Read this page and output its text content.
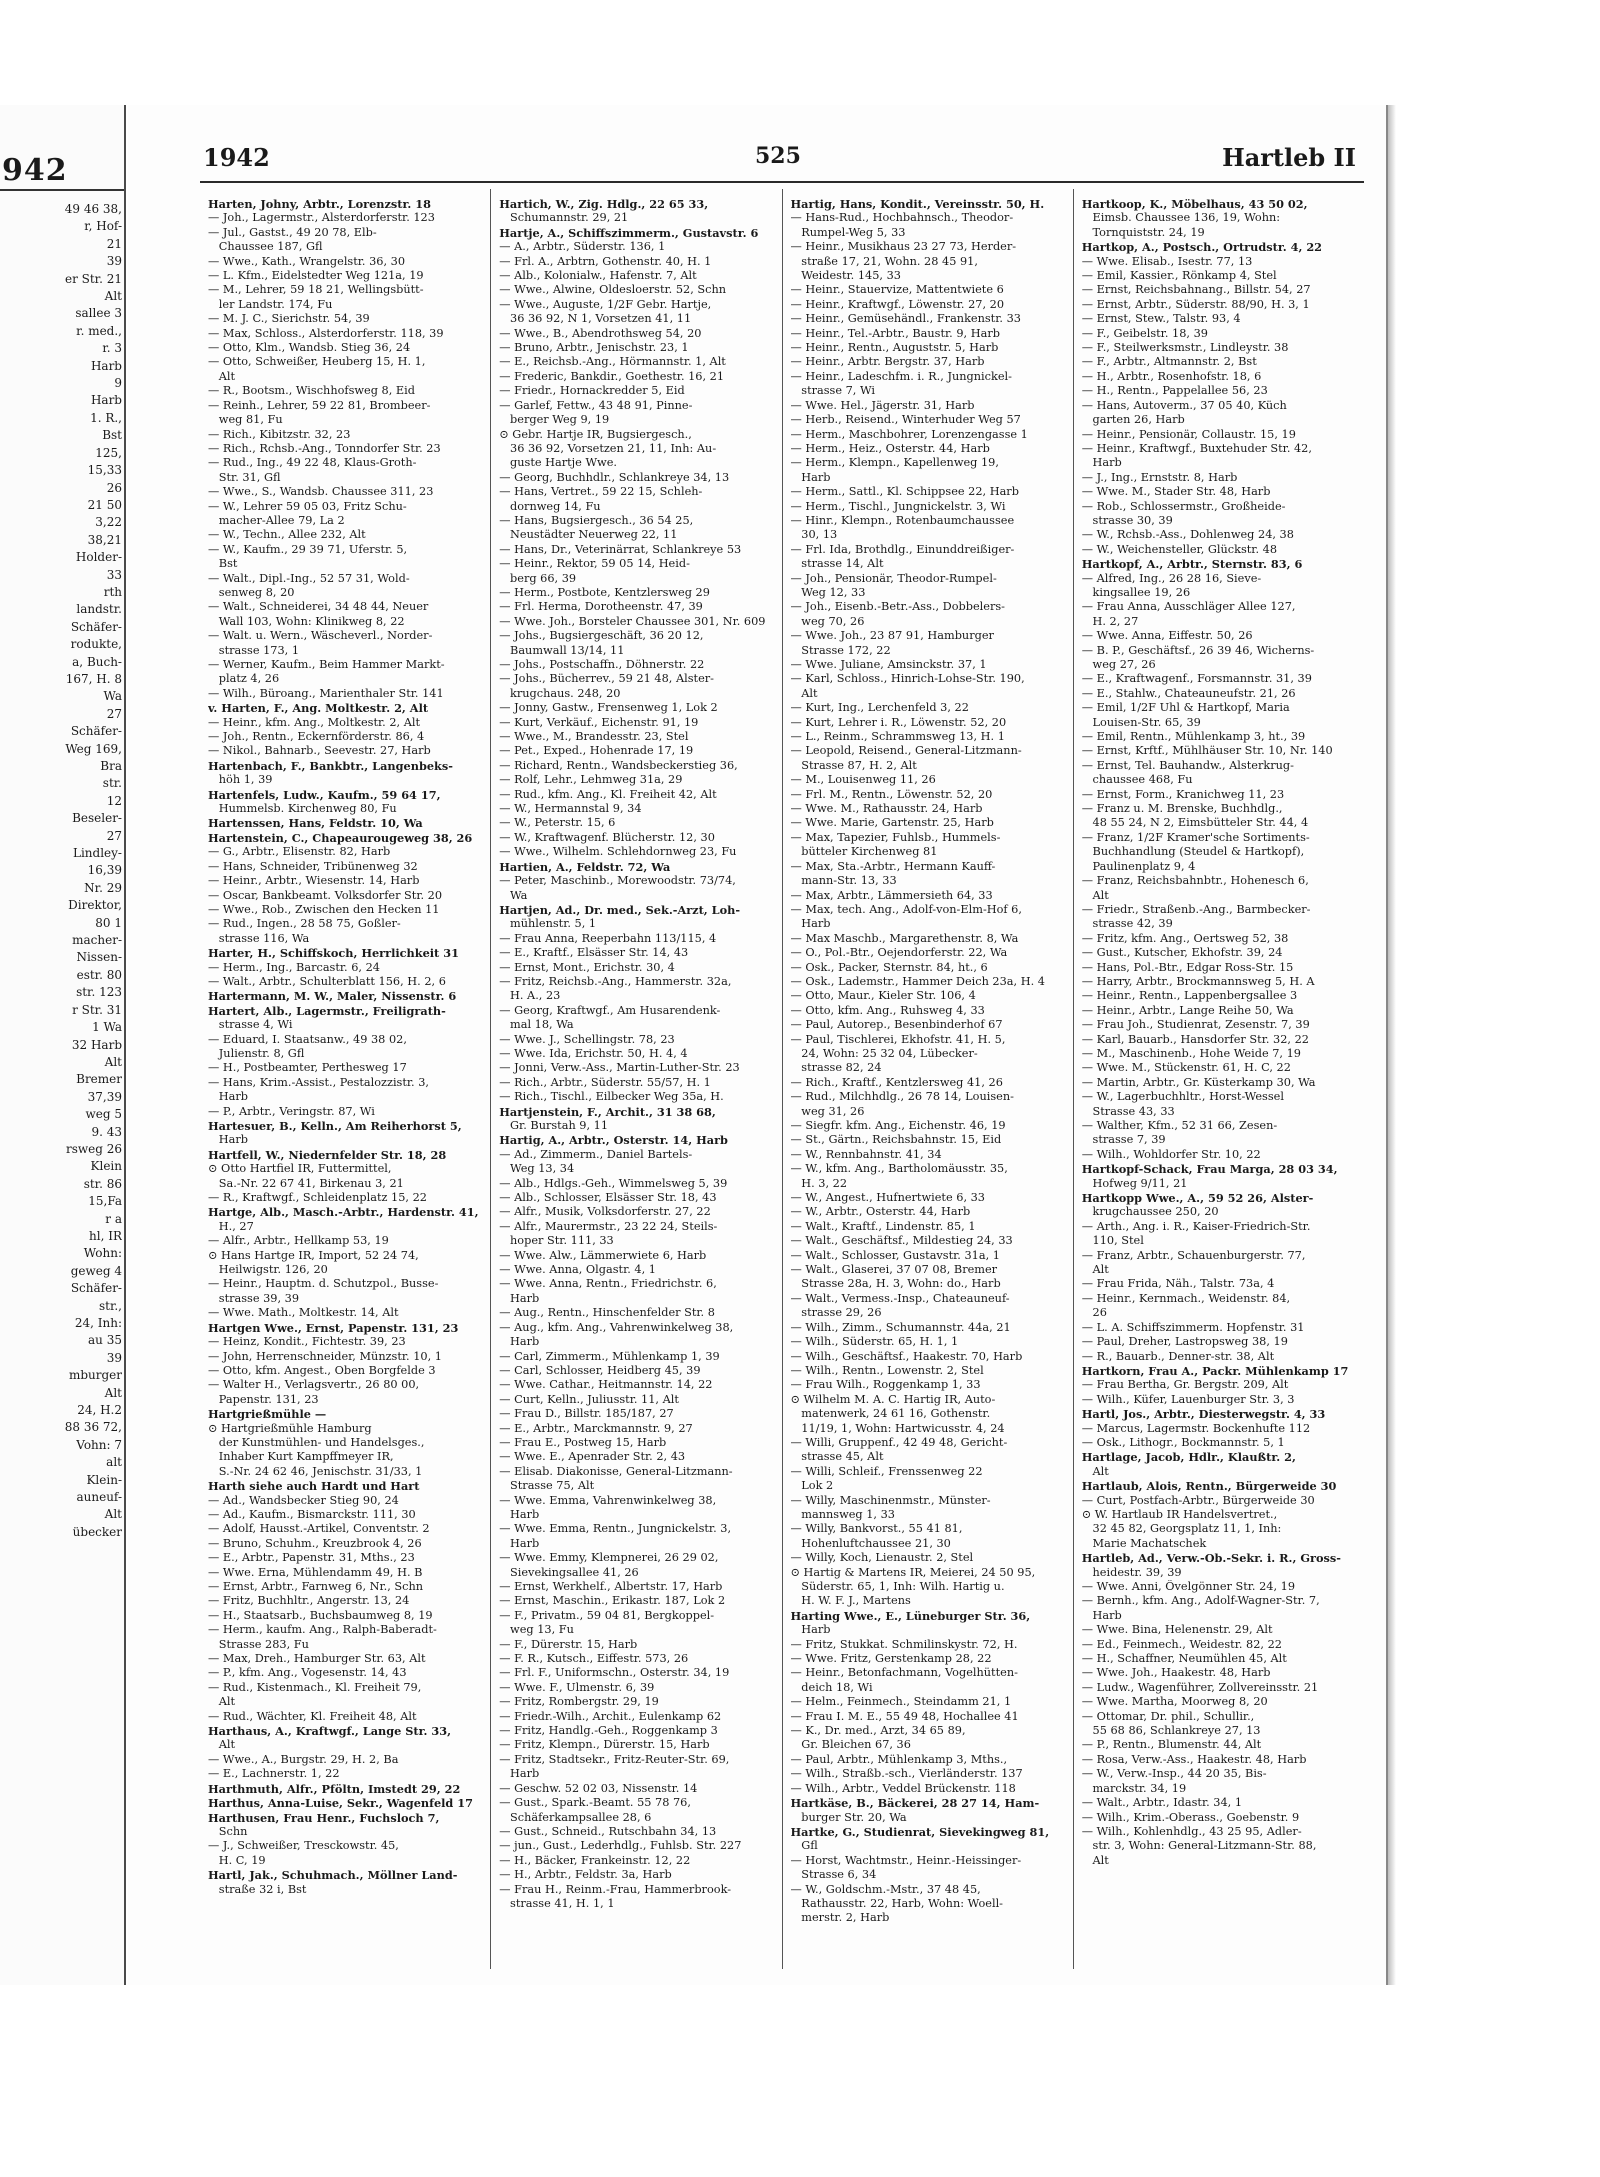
942
49 46 38,
r, Hof-
21
39
er Str. 21
Alt
sallee 3
r. med.,
r. 3
Harb
9
Harb
1. R.,
Bst
125,
15,33
26
21 50
3,22
38,21
Holder-
33
rth
landstr.
Schäfer-
rodukte,
a, Buch-
167, H. 8
Wa
27
Schäfer-
Weg 169,
Bra
str.
12
Beseler-
27
Lindley-
16,39
Nr. 29
Direktor,
80 1
macher-
Nissen-
estr. 80
str. 123
r Str. 31
1 Wa
32 Harb
Alt
Bremer
37,39
weg 5
9. 43
rsweg 26
Klein
str. 86
15,Fa
r a
hl, IR
Wohn:
geweg 4
Schäfer-
str.,
24, Inh:
au 35
39
mburger
Alt
24, H.2
88 36 72,
Vohn: 7
alt
Klein-
auneuf-
Alt
übecker
1942	525	Hartleb II
Harten, Johny, Arbtr., Lorenzstr. 18
— Joh., Lagermstr., Alsterdorferstr. 123
— Jul., Gastst., 49 20 78, Elb-
Chaussee 187, Gfl
— Wwe., Kath., Wrangelstr. 36, 30
— L. Kfm., Eidelstedter Weg 121a, 19
— M., Lehrer, 59 18 21, Wellingsbütt-
ler Landstr. 174, Fu
— M. J. C., Sierichstr. 54, 39
— Max, Schloss., Alsterdorferstr. 118, 39
— Otto, Klm., Wandsb. Stieg 36, 24
— Otto, Schweißer, Heuberg 15, H. 1,
Alt
— R., Bootsm., Wischhofsweg 8, Eid
— Reinh., Lehrer, 59 22 81, Brombeer-
weg 81, Fu
— Rich., Kibitzstr. 32, 23
— Rich., Rchsb.-Ang., Tonndorfer Str. 23
— Rud., Ing., 49 22 48, Klaus-Groth-
Str. 31, Gfl
— Wwe., S., Wandsb. Chaussee 311, 23
— W., Lehrer 59 05 03, Fritz Schu-
macher-Allee 79, La 2
— W., Techn., Allee 232, Alt
— W., Kaufm., 29 39 71, Uferstr. 5,
Bst
— Walt., Dipl.-Ing., 52 57 31, Wold-
senweg 8, 20
— Walt., Schneiderei, 34 48 44, Neuer
Wall 103, Wohn: Klinikweg 8, 22
— Walt. u. Wern., Wäscheverl., Norder-
strasse 173, 1
— Werner, Kaufm., Beim Hammer Markt-
platz 4, 26
— Wilh., Büroang., Marienthaler Str. 141
v. Harten, F., Ang. Moltkestr. 2, Alt
— Heinr., kfm. Ang., Moltkestr. 2, Alt
— Joh., Rentn., Eckernförderstr. 86, 4
— Nikol., Bahnarb., Seevestr. 27, Harb
Hartenbach, F., Bankbtr., Langenbeks-
höh 1, 39
Hartenfels, Ludw., Kaufm., 59 64 17,
Hummelsb. Kirchenweg 80, Fu
Hartenssen, Hans, Feldstr. 10, Wa
Hartenstein, C., Chapeaurougeweg 38, 26
— G., Arbtr., Elisenstr. 82, Harb
— Hans, Schneider, Tribünenweg 32
— Heinr., Arbtr., Wiesenstr. 14, Harb
— Oscar, Bankbeamt. Volksdorfer Str. 20
— Wwe., Rob., Zwischen den Hecken 11
— Rud., Ingen., 28 58 75, Goßler-
strasse 116, Wa
Harter, H., Schiffskoch, Herrlichkeit 31
— Herm., Ing., Barcastr. 6, 24
— Walt., Arbtr., Schulterblatt 156, H. 2, 6
Hartermann, M. W., Maler, Nissenstr. 6
Hartert, Alb., Lagermstr., Freiligrath-
strasse 4, Wi
— Eduard, I. Staatsanw., 49 38 02,
Julienstr. 8, Gfl
— H., Postbeamter, Perthesweg 17
— Hans, Krim.-Assist., Pestalozzistr. 3,
Harb
— P., Arbtr., Veringstr. 87, Wi
Hartesuer, B., Kelln., Am Reiherhorst 5,
Harb
Hartfell, W., Niedernfelder Str. 18, 28
⊙ Otto Hartfiel IR, Futtermittel,
Sa.-Nr. 22 67 41, Birkenau 3, 21
— R., Kraftwgf., Schleidenplatz 15, 22
Hartge, Alb., Masch.-Arbtr., Hardenstr. 41,
H., 27
— Alfr., Arbtr., Hellkamp 53, 19
⊙ Hans Hartge IR, Import, 52 24 74,
Heilwigstr. 126, 20
— Heinr., Hauptm. d. Schutzpol., Busse-
strasse 39, 39
— Wwe. Math., Moltkestr. 14, Alt
Hartgen Wwe., Ernst, Papenstr. 131, 23
— Heinz, Kondit., Fichtestr. 39, 23
— John, Herrenschneider, Münzstr. 10, 1
— Otto, kfm. Angest., Oben Borgfelde 3
— Walter H., Verlagsvertr., 26 80 00,
Papenstr. 131, 23
Hartgrießmühle —
⊙ Hartgrießmühle Hamburg
der Kunstmühlen- und Handelsges.,
Inhaber Kurt Kampffmeyer IR,
S.-Nr. 24 62 46, Jenischstr. 31/33, 1
Harth siehe auch Hardt und Hart
— Ad., Wandsbecker Stieg 90, 24
— Ad., Kaufm., Bismarckstr. 111, 30
— Adolf, Hausst.-Artikel, Conventstr. 2
— Bruno, Schuhm., Kreuzbrook 4, 26
— E., Arbtr., Papenstr. 31, Mths., 23
— Wwe. Erna, Mühlendamm 49, H. B
— Ernst, Arbtr., Farnweg 6, Nr., Schn
— Fritz, Buchhltr., Angerstr. 13, 24
— H., Staatsarb., Buchsbaumweg 8, 19
— Herm., kaufm. Ang., Ralph-Baberadt-
Strasse 283, Fu
— Max, Dreh., Hamburger Str. 63, Alt
— P., kfm. Ang., Vogesenstr. 14, 43
— Rud., Kistenmach., Kl. Freiheit 79,
Alt
— Rud., Wächter, Kl. Freiheit 48, Alt
Harthaus, A., Kraftwgf., Lange Str. 33,
Alt
— Wwe., A., Burgstr. 29, H. 2, Ba
— E., Lachnerstr. 1, 22
Harthmuth, Alfr., Pföltn, Imstedt 29, 22
Harthus, Anna-Luise, Sekr., Wagenfeld 17
Harthusen, Frau Henr., Fuchsloch 7,
Schn
— J., Schweißer, Tresckowstr. 45,
H. C, 19
Hartl, Jak., Schuhmach., Möllner Land-
straße 32 i, Bst
Hartich, W., Zig. Hdlg., 22 65 33,
Schumannstr. 29, 21
Hartje, A., Schiffszimmerm., Gustavstr. 6
— A., Arbtr., Süderstr. 136, 1
— Frl. A., Arbtrn, Gothenstr. 40, H. 1
— Alb., Kolonialw., Hafenstr. 7, Alt
— Wwe., Alwine, Oldesloerstr. 52, Schn
— Wwe., Auguste, 1/2F Gebr. Hartje,
36 36 92, N 1, Vorsetzen 41, 11
— Wwe., B., Abendrothsweg 54, 20
— Bruno, Arbtr., Jenischstr. 23, 1
— E., Reichsb.-Ang., Hörmannstr. 1, Alt
— Frederic, Bankdir., Goethestr. 16, 21
— Friedr., Hornackredder 5, Eid
— Garlef, Fettw., 43 48 91, Pinne-
berger Weg 9, 19
⊙ Gebr. Hartje IR, Bugsiergesch.,
36 36 92, Vorsetzen 21, 11, Inh: Au-
guste Hartje Wwe.
— Georg, Buchhdlr., Schlankreye 34, 13
— Hans, Vertret., 59 22 15, Schleh-
dornweg 14, Fu
— Hans, Bugsiergesch., 36 54 25,
Neustädter Neuerweg 22, 11
— Hans, Dr., Veterinärrat, Schlankreye 53
— Heinr., Rektor, 59 05 14, Heid-
berg 66, 39
— Herm., Postbote, Kentzlersweg 29
— Frl. Herma, Dorotheenstr. 47, 39
— Wwe. Joh., Borsteler Chaussee 301, Nr. 609
— Johs., Bugsiergeschäft, 36 20 12,
Baumwall 13/14, 11
— Johs., Postschaffn., Döhnerstr. 22
— Johs., Bücherrev., 59 21 48, Alster-
krugchaus. 248, 20
— Jonny, Gastw., Frensenweg 1, Lok 2
— Kurt, Verkäuf., Eichenstr. 91, 19
— Wwe., M., Brandesstr. 23, Stel
— Pet., Exped., Hohenrade 17, 19
— Richard, Rentn., Wandsbeckerstieg 36,
— Rolf, Lehr., Lehmweg 31a, 29
— Rud., kfm. Ang., Kl. Freiheit 42, Alt
— W., Hermannstal 9, 34
— W., Peterstr. 15, 6
— W., Kraftwagenf. Blücherstr. 12, 30
— Wwe., Wilhelm. Schlehdornweg 23, Fu
Hartien, A., Feldstr. 72, Wa
— Peter, Maschinb., Morewoodstr. 73/74,
Wa
Hartjen, Ad., Dr. med., Sek.-Arzt, Loh-
mühlenstr. 5, 1
— Frau Anna, Reeperbahn 113/115, 4
— E., Kraftf., Elsässer Str. 14, 43
— Ernst, Mont., Erichstr. 30, 4
— Fritz, Reichsb.-Ang., Hammerstr. 32a,
H. A., 23
— Georg, Kraftwgf., Am Husarendenk-
mal 18, Wa
— Wwe. J., Schellingstr. 78, 23
— Wwe. Ida, Erichstr. 50, H. 4, 4
— Jonni, Verw.-Ass., Martin-Luther-Str. 23
— Rich., Arbtr., Süderstr. 55/57, H. 1
— Rich., Tischl., Eilbecker Weg 35a, H.
Hartjenstein, F., Archit., 31 38 68,
Gr. Burstah 9, 11
Hartig, A., Arbtr., Osterstr. 14, Harb
— Ad., Zimmerm., Daniel Bartels-
Weg 13, 34
— Alb., Hdlgs.-Geh., Wimmelsweg 5, 39
— Alb., Schlosser, Elsässer Str. 18, 43
— Alfr., Musik, Volksdorferstr. 27, 22
— Alfr., Maurermstr., 23 22 24, Steils-
hoper Str. 111, 33
— Wwe. Alw., Lämmerwiete 6, Harb
— Wwe. Anna, Olgastr. 4, 1
— Wwe. Anna, Rentn., Friedrichstr. 6,
Harb
— Aug., Rentn., Hinschenfelder Str. 8
— Aug., kfm. Ang., Vahrenwinkelweg 38,
Harb
— Carl, Zimmerm., Mühlenkamp 1, 39
— Carl, Schlosser, Heidberg 45, 39
— Wwe. Cathar., Heitmannstr. 14, 22
— Curt, Kelln., Juliusstr. 11, Alt
— Frau D., Billstr. 185/187, 27
— E., Arbtr., Marckmannstr. 9, 27
— Frau E., Postweg 15, Harb
— Wwe. E., Apenrader Str. 2, 43
— Elisab. Diakonisse, General-Litzmann-
Strasse 75, Alt
— Wwe. Emma, Vahrenwinkelweg 38,
Harb
— Wwe. Emma, Rentn., Jungnickelstr. 3,
Harb
— Wwe. Emmy, Klempnerei, 26 29 02,
Sievekingsallee 41, 26
— Ernst, Werkhelf., Albertstr. 17, Harb
— Ernst, Maschin., Erikastr. 187, Lok 2
— F., Privatm., 59 04 81, Bergkoppel-
weg 13, Fu
— F., Dürerstr. 15, Harb
— F. R., Kutsch., Eiffestr. 573, 26
— Frl. F., Uniformschn., Osterstr. 34, 19
— Wwe. F., Ulmenstr. 6, 39
— Fritz, Rombergstr. 29, 19
— Friedr.-Wilh., Archit., Eulenkamp 62
— Fritz, Handlg.-Geh., Roggenkamp 3
— Fritz, Klempn., Dürerstr. 15, Harb
— Fritz, Stadtsekr., Fritz-Reuter-Str. 69,
Harb
— Geschw. 52 02 03, Nissenstr. 14
— Gust., Spark.-Beamt. 55 78 76,
Schäferkampsallee 28, 6
— Gust., Schneid., Rutschbahn 34, 13
— jun., Gust., Lederhdlg., Fuhlsb. Str. 227
— H., Bäcker, Frankeinstr. 12, 22
— H., Arbtr., Feldstr. 3a, Harb
— Frau H., Reinm.-Frau, Hammerbrook-
strasse 41, H. 1, 1
Hartig, Hans, Kondit., Vereinsstr. 50, H.
— Hans-Rud., Hochbahnsch., Theodor-
Rumpel-Weg 5, 33
— Heinr., Musikhaus 23 27 73, Herder-
straße 17, 21, Wohn. 28 45 91,
Weidestr. 145, 33
— Heinr., Stauervize, Mattentwiete 6
— Heinr., Kraftwgf., Löwenstr. 27, 20
— Heinr., Gemüsehändl., Frankenstr. 33
— Heinr., Tel.-Arbtr., Baustr. 9, Harb
— Heinr., Rentn., Auguststr. 5, Harb
— Heinr., Arbtr. Bergstr. 37, Harb
— Heinr., Ladeschfm. i. R., Jungnickel-
strasse 7, Wi
— Wwe. Hel., Jägerstr. 31, Harb
— Herb., Reisend., Winterhuder Weg 57
— Herm., Maschbohrer, Lorenzengasse 1
— Herm., Heiz., Osterstr. 44, Harb
— Herm., Klempn., Kapellenweg 19,
Harb
— Herm., Sattl., Kl. Schippsee 22, Harb
— Herm., Tischl., Jungnickelstr. 3, Wi
— Hinr., Klempn., Rotenbaumchaussee
30, 13
— Frl. Ida, Brothdlg., Einunddreißiger-
strasse 14, Alt
— Joh., Pensionär, Theodor-Rumpel-
Weg 12, 33
— Joh., Eisenb.-Betr.-Ass., Dobbelers-
weg 70, 26
— Wwe. Joh., 23 87 91, Hamburger
Strasse 172, 22
— Wwe. Juliane, Amsinckstr. 37, 1
— Karl, Schloss., Hinrich-Lohse-Str. 190,
Alt
— Kurt, Ing., Lerchenfeld 3, 22
— Kurt, Lehrer i. R., Löwenstr. 52, 20
— L., Reinm., Schrammsweg 13, H. 1
— Leopold, Reisend., General-Litzmann-
Strasse 87, H. 2, Alt
— M., Louisenweg 11, 26
— Frl. M., Rentn., Löwenstr. 52, 20
— Wwe. M., Rathausstr. 24, Harb
— Wwe. Marie, Gartenstr. 25, Harb
— Max, Tapezier, Fuhlsb., Hummels-
bütteler Kirchenweg 81
— Max, Sta.-Arbtr., Hermann Kauff-
mann-Str. 13, 33
— Max, Arbtr., Lämmersieth 64, 33
— Max, tech. Ang., Adolf-von-Elm-Hof 6,
Harb
— Max Maschb., Margarethenstr. 8, Wa
— O., Pol.-Btr., Oejendorferstr. 22, Wa
— Osk., Packer, Sternstr. 84, ht., 6
— Osk., Lademstr., Hammer Deich 23a, H. 4
— Otto, Maur., Kieler Str. 106, 4
— Otto, kfm. Ang., Ruhsweg 4, 33
— Paul, Autorep., Besenbinderhof 67
— Paul, Tischlerei, Ekhofstr. 41, H. 5,
24, Wohn: 25 32 04, Lübecker-
strasse 82, 24
— Rich., Kraftf., Kentzlersweg 41, 26
— Rud., Milchhdlg., 26 78 14, Louisen-
weg 31, 26
— Siegfr. kfm. Ang., Eichenstr. 46, 19
— St., Gärtn., Reichsbahnstr. 15, Eid
— W., Rennbahnstr. 41, 34
— W., kfm. Ang., Bartholomäusstr. 35,
H. 3, 22
— W., Angest., Hufnertwiete 6, 33
— W., Arbtr., Osterstr. 44, Harb
— Walt., Kraftf., Lindenstr. 85, 1
— Walt., Geschäftsf., Mildestieg 24, 33
— Walt., Schlosser, Gustavstr. 31a, 1
— Walt., Glaserei, 37 07 08, Bremer
Strasse 28a, H. 3, Wohn: do., Harb
— Walt., Vermess.-Insp., Chateauneuf-
strasse 29, 26
— Wilh., Zimm., Schumannstr. 44a, 21
— Wilh., Süderstr. 65, H. 1, 1
— Wilh., Geschäftsf., Haakestr. 70, Harb
— Wilh., Rentn., Lowenstr. 2, Stel
— Frau Wilh., Roggenkamp 1, 33
⊙ Wilhelm M. A. C. Hartig IR, Auto-
matenwerk, 24 61 16, Gothenstr.
11/19, 1, Wohn: Hartwicusstr. 4, 24
— Willi, Gruppenf., 42 49 48, Gericht-
strasse 45, Alt
— Willi, Schleif., Frenssenweg 22
Lok 2
— Willy, Maschinenmstr., Münster-
mannsweg 1, 33
— Willy, Bankvorst., 55 41 81,
Hohenluftchaussee 21, 30
— Willy, Koch, Lienaustr. 2, Stel
⊙ Hartig & Martens IR, Meierei, 24 50 95,
Süderstr. 65, 1, Inh: Wilh. Hartig u.
H. W. F. J., Martens
Harting Wwe., E., Lüneburger Str. 36,
Harb
— Fritz, Stukkat. Schmilinskystr. 72, H.
— Wwe. Fritz, Gerstenkamp 28, 22
— Heinr., Betonfachmann, Vogelhütten-
deich 18, Wi
— Helm., Feinmech., Steindamm 21, 1
— Frau I. M. E., 55 49 48, Hochallee 41
— K., Dr. med., Arzt, 34 65 89,
Gr. Bleichen 67, 36
— Paul, Arbtr., Mühlenkamp 3, Mths.,
— Wilh., Straßb.-sch., Vierländerstr. 137
— Wilh., Arbtr., Veddel Brückenstr. 118
Hartkäse, B., Bäckerei, 28 27 14, Ham-
burger Str. 20, Wa
Hartke, G., Studienrat, Sievekingweg 81,
Gfl
— Horst, Wachtmstr., Heinr.-Heissinger-
Strasse 6, 34
— W., Goldschm.-Mstr., 37 48 45,
Rathausstr. 22, Harb, Wohn: Woell-
merstr. 2, Harb
Hartkoop, K., Möbelhaus, 43 50 02,
Eimsb. Chaussee 136, 19, Wohn:
Tornquiststr. 24, 19
Hartkop, A., Postsch., Ortrudstr. 4, 22
— Wwe. Elisab., Isestr. 77, 13
— Emil, Kassier., Rönkamp 4, Stel
— Ernst, Reichsbahnang., Billstr. 54, 27
— Ernst, Arbtr., Süderstr. 88/90, H. 3, 1
— Ernst, Stew., Talstr. 93, 4
— F., Geibelstr. 18, 39
— F., Steilwerksmstr., Lindleystr. 38
— F., Arbtr., Altmannstr. 2, Bst
— H., Arbtr., Rosenhofstr. 18, 6
— H., Rentn., Pappelallee 56, 23
— Hans, Autoverm., 37 05 40, Küch
garten 26, Harb
— Heinr., Pensionär, Collaustr. 15, 19
— Heinr., Kraftwgf., Buxtehuder Str. 42,
Harb
— J., Ing., Ernststr. 8, Harb
— Wwe. M., Stader Str. 48, Harb
— Rob., Schlossermstr., Großheide-
strasse 30, 39
— W., Rchsb.-Ass., Dohlenweg 24, 38
— W., Weichensteller, Glückstr. 48
Hartkopf, A., Arbtr., Sternstr. 83, 6
— Alfred, Ing., 26 28 16, Sieve-
kingsallee 19, 26
— Frau Anna, Ausschläger Allee 127,
H. 2, 27
— Wwe. Anna, Eiffestr. 50, 26
— B. P., Geschäftsf., 26 39 46, Wicherns-
weg 27, 26
— E., Kraftwagenf., Forsmannstr. 31, 39
— E., Stahlw., Chateauneufstr. 21, 26
— Emil, 1/2F Uhl & Hartkopf, Maria
Louisen-Str. 65, 39
— Emil, Rentn., Mühlenkamp 3, ht., 39
— Ernst, Krftf., Mühlhäuser Str. 10, Nr. 140
— Ernst, Tel. Bauhandw., Alsterkrug-
chaussee 468, Fu
— Ernst, Form., Kranichweg 11, 23
— Franz u. M. Brenske, Buchhdlg.,
48 55 24, N 2, Eimsbütteler Str. 44, 4
— Franz, 1/2F Kramer'sche Sortiments-
Buchhandlung (Steudel & Hartkopf),
Paulinenplatz 9, 4
— Franz, Reichsbahnbtr., Hohenesch 6,
Alt
— Friedr., Straßenb.-Ang., Barmbecker-
strasse 42, 39
— Fritz, kfm. Ang., Oertsweg 52, 38
— Gust., Kutscher, Ekhofstr. 39, 24
— Hans, Pol.-Btr., Edgar Ross-Str. 15
— Harry, Arbtr., Brockmannsweg 5, H. A
— Heinr., Rentn., Lappenbergsallee 3
— Heinr., Arbtr., Lange Reihe 50, Wa
— Frau Joh., Studienrat, Zesenstr. 7, 39
— Karl, Bauarb., Hansdorfer Str. 32, 22
— M., Maschinenb., Hohe Weide 7, 19
— Wwe. M., Stückenstr. 61, H. C, 22
— Martin, Arbtr., Gr. Küsterkamp 30, Wa
— W., Lagerbuchhltr., Horst-Wessel
Strasse 43, 33
— Walther, Kfm., 52 31 66, Zesen-
strasse 7, 39
— Wilh., Wohldorfer Str. 10, 22
Hartkopf-Schack, Frau Marga, 28 03 34,
Hofweg 9/11, 21
Hartkopp Wwe., A., 59 52 26, Alster-
krugchaussee 250, 20
— Arth., Ang. i. R., Kaiser-Friedrich-Str.
110, Stel
— Franz, Arbtr., Schauenburgerstr. 77,
Alt
— Frau Frida, Näh., Talstr. 73a, 4
— Heinr., Kernmach., Weidenstr. 84,
26
— L. A. Schiffszimmerm. Hopfenstr. 31
— Paul, Dreher, Lastropsweg 38, 19
— R., Bauarb., Denner-str. 38, Alt
Hartkorn, Frau A., Packr. Mühlenkamp 17
— Frau Bertha, Gr. Bergstr. 209, Alt
— Wilh., Küfer, Lauenburger Str. 3, 3
Hartl, Jos., Arbtr., Diesterwegstr. 4, 33
— Marcus, Lagermstr. Bockenhufte 112
— Osk., Lithogr., Bockmannstr. 5, 1
Hartlage, Jacob, Hdlr., Klaußtr. 2,
Alt
Hartlaub, Alois, Rentn., Bürgerweide 30
— Curt, Postfach-Arbtr., Bürgerweide 30
⊙ W. Hartlaub IR Handelsvertret.,
32 45 82, Georgsplatz 11, 1, Inh:
Marie Machatschek
Hartleb, Ad., Verw.-Ob.-Sekr. i. R., Gross-
heidestr. 39, 39
— Wwe. Anni, Övelgönner Str. 24, 19
— Bernh., kfm. Ang., Adolf-Wagner-Str. 7,
Harb
— Wwe. Bina, Helenenstr. 29, Alt
— Ed., Feinmech., Weidestr. 82, 22
— H., Schaffner, Neumühlen 45, Alt
— Wwe. Joh., Haakestr. 48, Harb
— Ludw., Wagenführer, Zollvereinsstr. 21
— Wwe. Martha, Moorweg 8, 20
— Ottomar, Dr. phil., Schullir.,
55 68 86, Schlankreye 27, 13
— P., Rentn., Blumenstr. 44, Alt
— Rosa, Verw.-Ass., Haakestr. 48, Harb
— W., Verw.-Insp., 44 20 35, Bis-
marckstr. 34, 19
— Walt., Arbtr., Idastr. 34, 1
— Wilh., Krim.-Oberass., Goebenstr. 9
— Wilh., Kohlenhdlg., 43 25 95, Adler-
str. 3, Wohn: General-Litzmann-Str. 88,
Alt
